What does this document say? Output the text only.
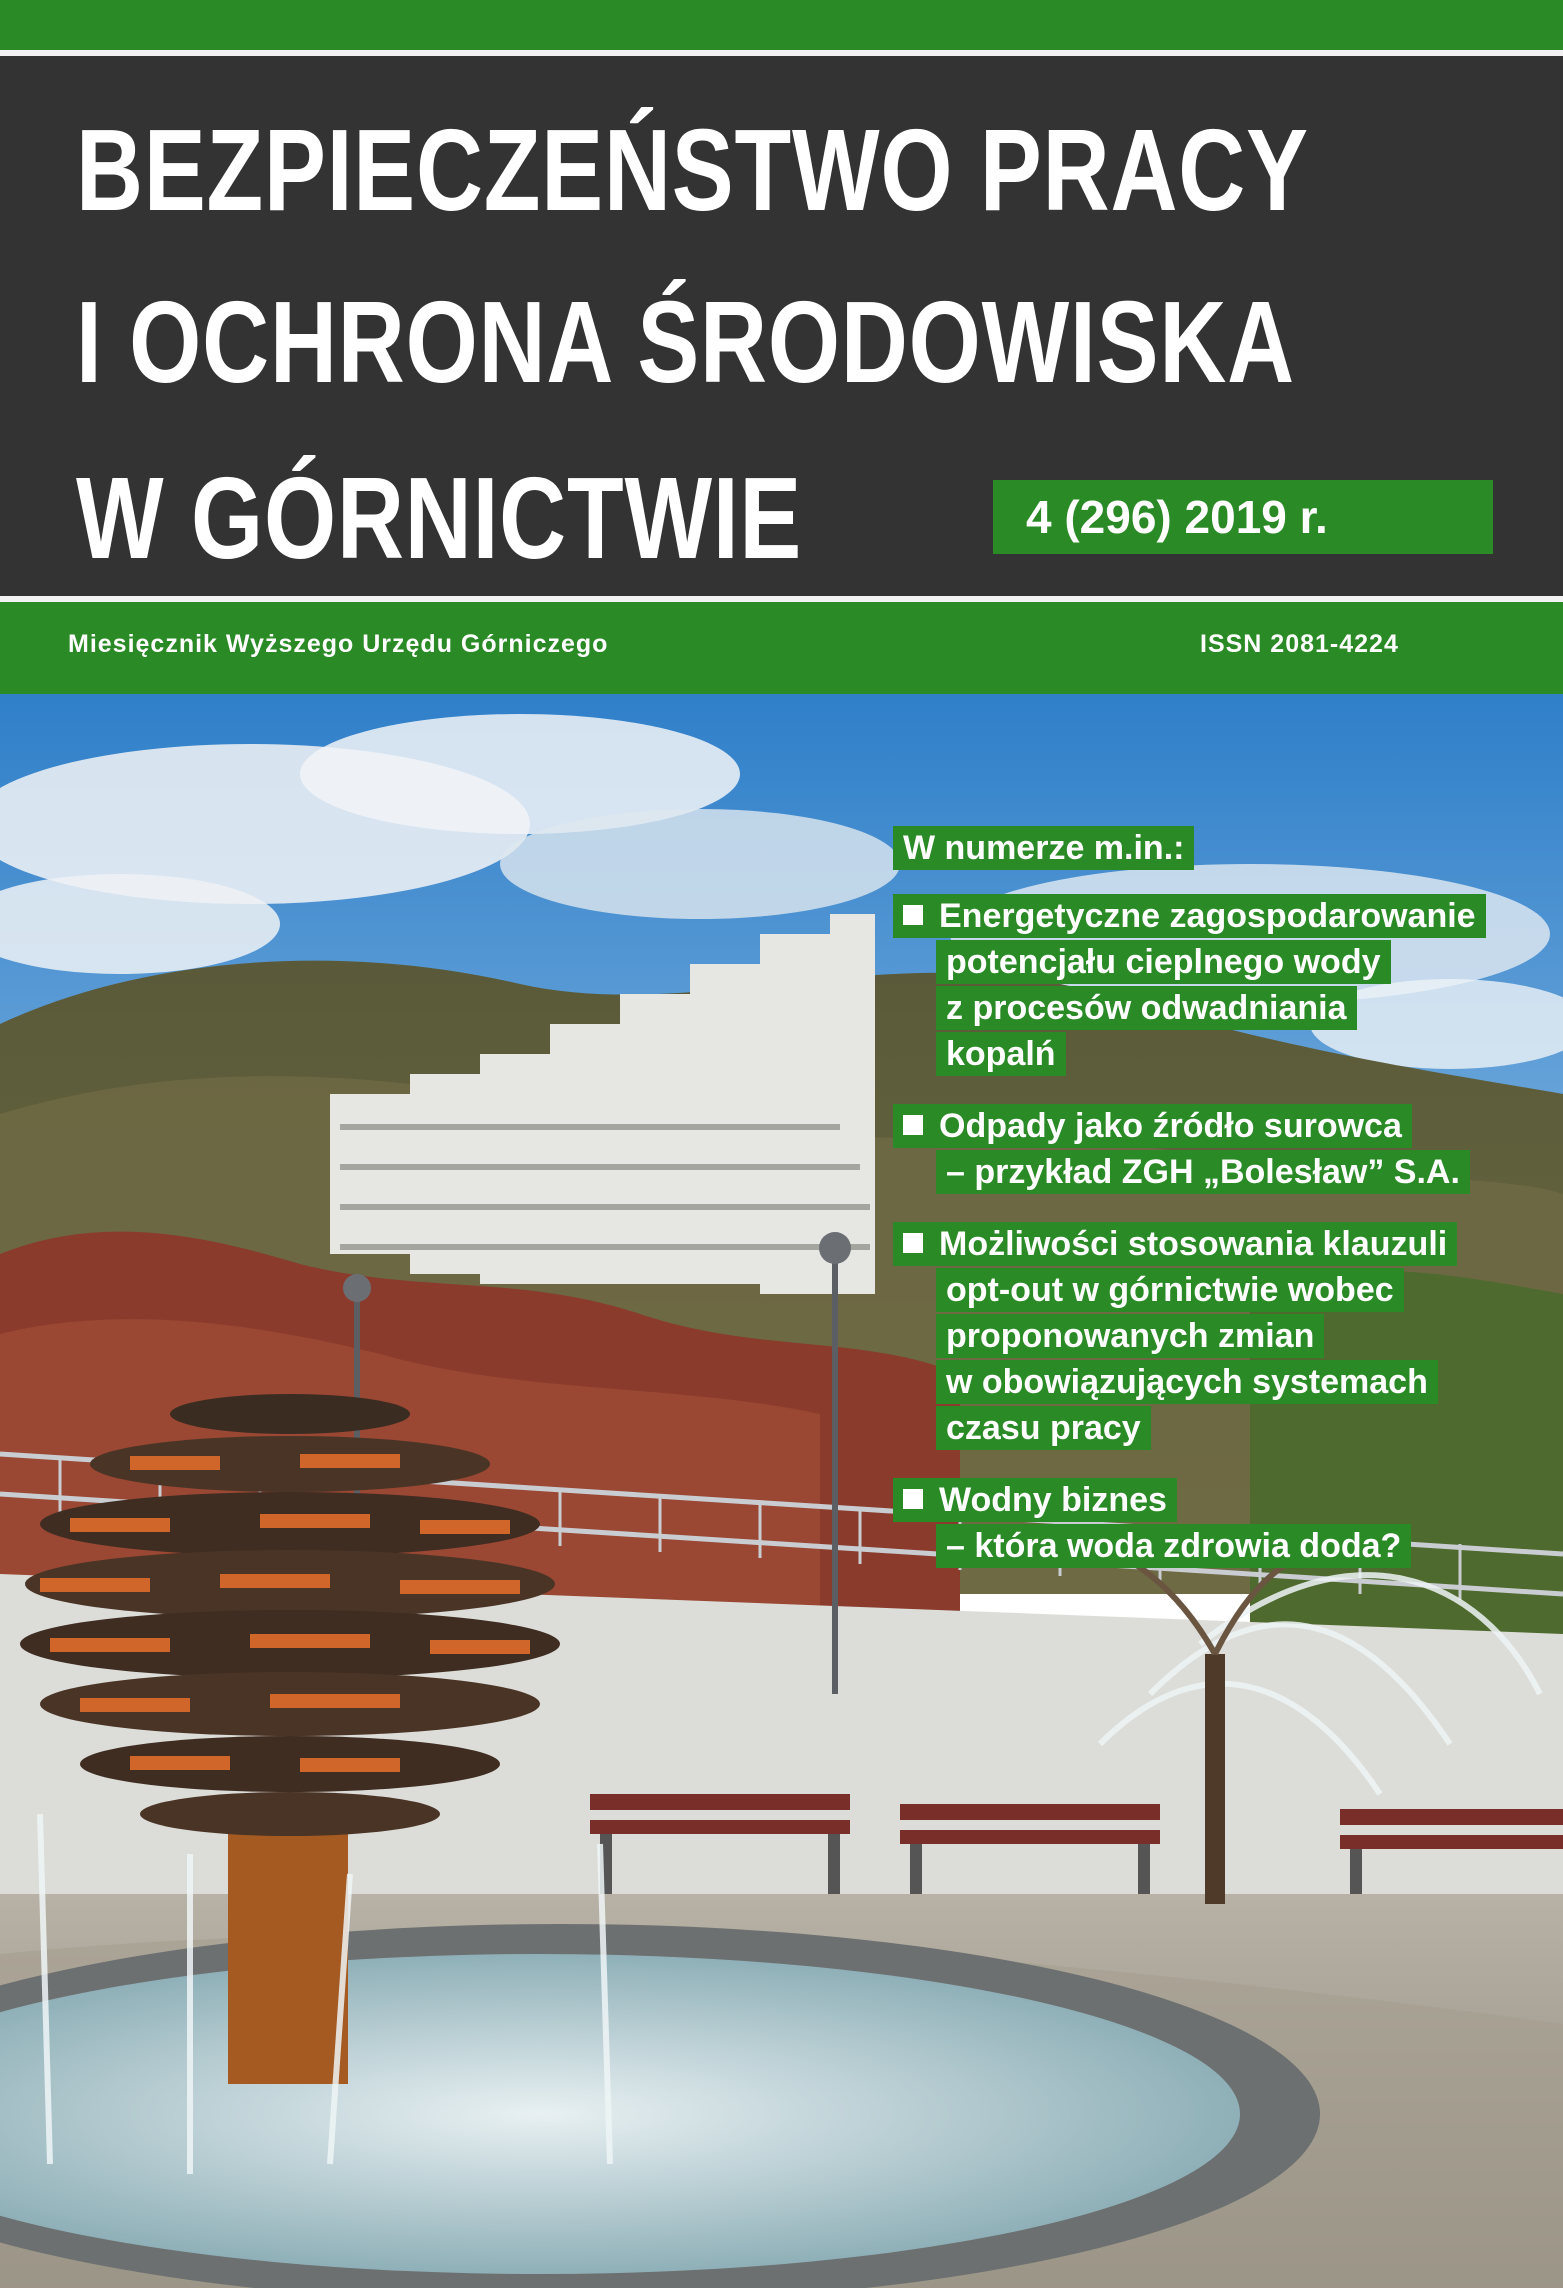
BEZPIECZEŃSTWO PRACY
I OCHRONA ŚRODOWISKA
W GÓRNICTWIE	4 (296) 2019 r.
Miesięcznik Wyższego Urzędu Górniczego	ISSN 2081-4224
W numerze m.in.:
Energetyczne zagospodarowanie
potencjału cieplnego wody
z procesów odwadniania
kopalń
Odpady jako źródło surowca
– przykład ZGH „Bolesław” S.A.
Możliwości stosowania klauzuli
opt-out w górnictwie wobec
proponowanych zmian
w obowiązujących systemach
czasu pracy
Wodny biznes
– która woda zdrowia doda?
